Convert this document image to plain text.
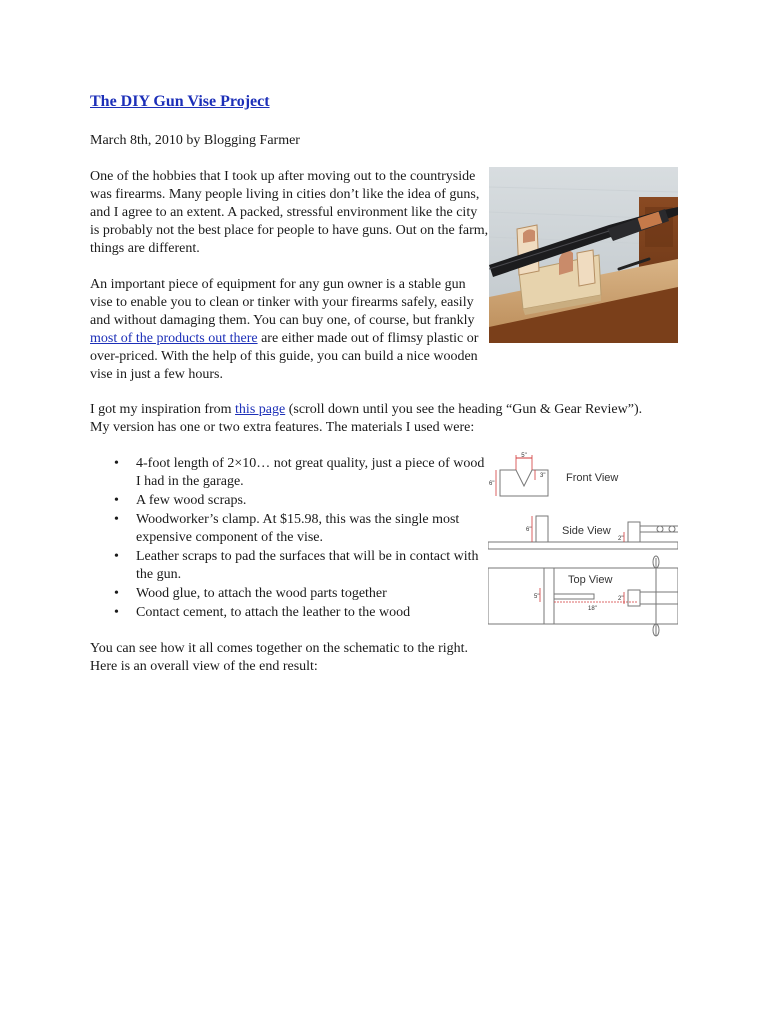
The DIY Gun Vise Project

March 8th, 2010 by Blogging Farmer

One of the hobbies that I took up after moving out to the countryside was firearms. Many people living in cities don’t like the idea of guns, and I agree to an extent. A packed, stressful environment like the city is probably not the best place for people to have guns. Out on the farm, things are different.

An important piece of equipment for any gun owner is a stable gun vise to enable you to clean or tinker with your firearms safely, easily and without damaging them. You can buy one, of course, but frankly most of the products out there are either made out of flimsy plastic or over-priced. With the help of this guide, you can build a nice wooden vise in just a few hours.

I got my inspiration from this page (scroll down until you see the heading “Gun & Gear Review”). My version has one or two extra features. The materials I used were:

• 4-foot length of 2×10… not great quality, just a piece of wood I had in the garage.
• A few wood scraps.
• Woodworker’s clamp. At $15.98, this was the single most expensive component of the vise.
• Leather scraps to pad the surfaces that will be in contact with the gun.
• Wood glue, to attach the wood parts together
• Contact cement, to attach the leather to the wood

You can see how it all comes together on the schematic to the right. Here is an overall view of the end result:

5"
3"
6"	Front View
6"	Side View
2"
5"
18"
Top View
2"
